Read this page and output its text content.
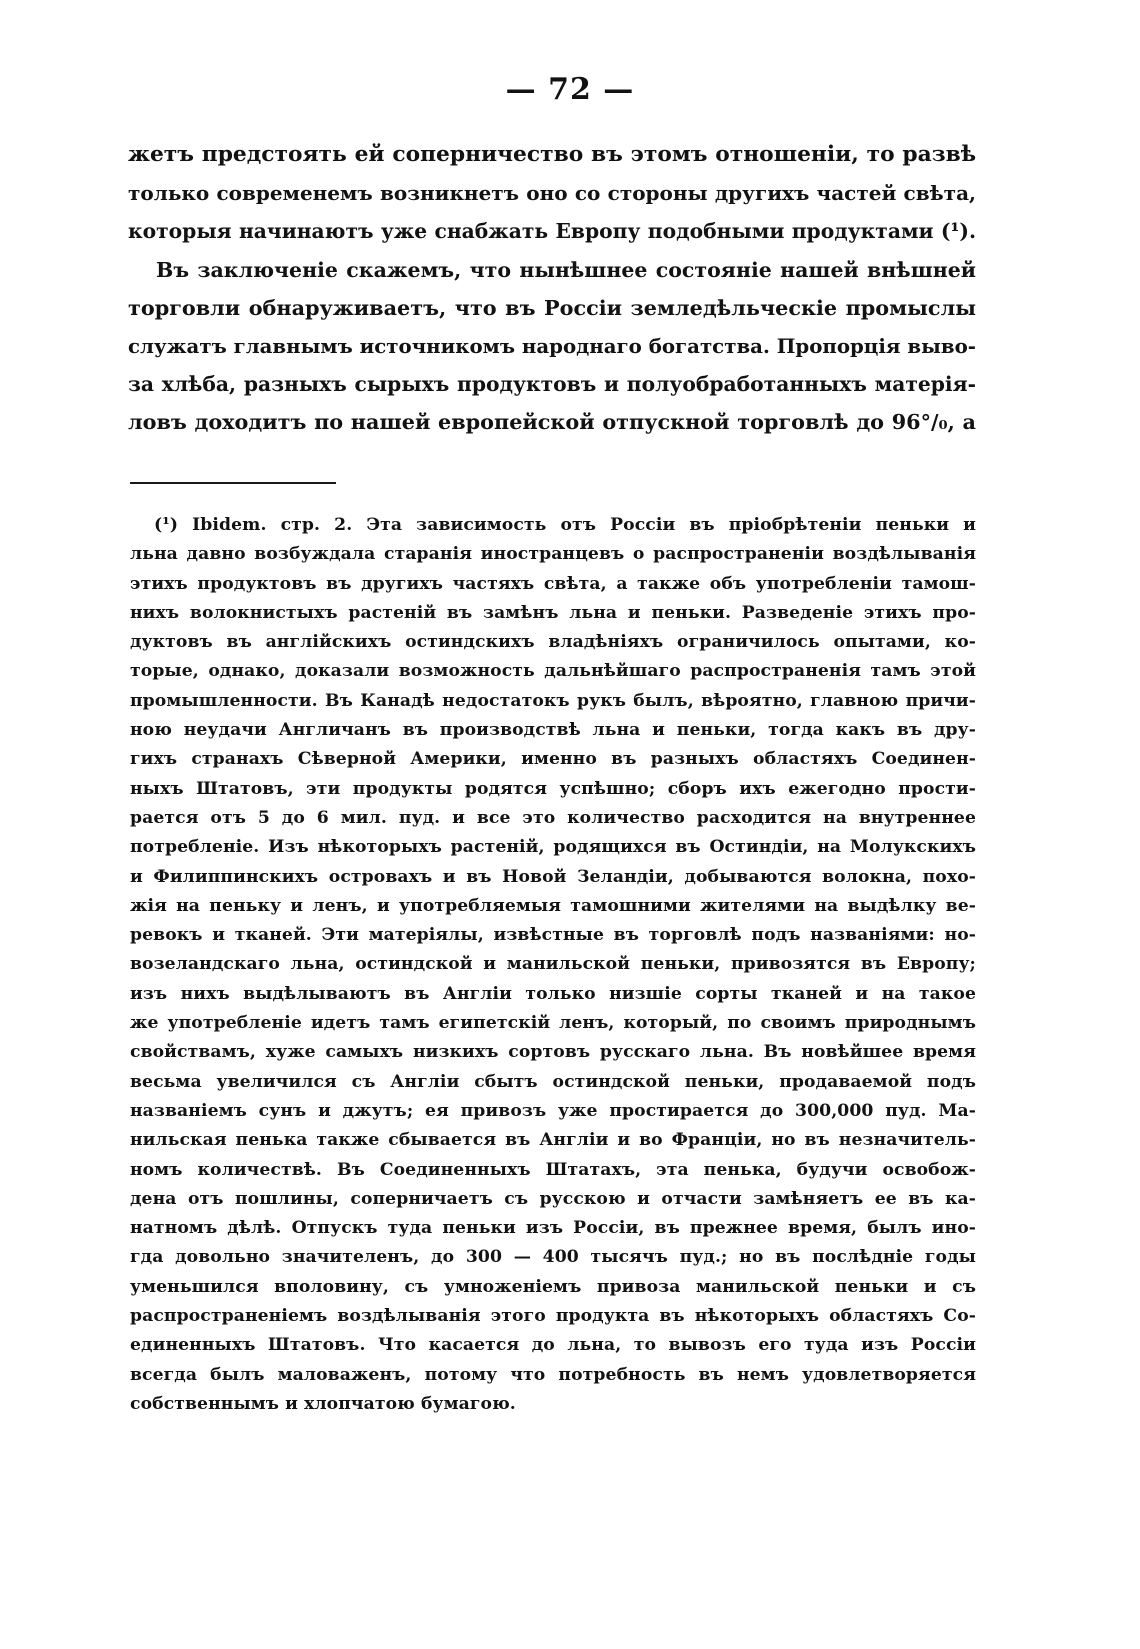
— 72 —
жетъ предстоять ей соперничество въ этомъ отношенiи, то развѣ
только современемъ возникнетъ оно со стороны другихъ частей свѣта,
которыя начинаютъ уже снабжать Европу подобными продуктами (¹).
Въ заключенiе скажемъ, что нынѣшнее состоянiе нашей внѣшней
торговли обнаруживаетъ, что въ Россiи земледѣльческiе промыслы
служатъ главнымъ источникомъ народнаго богатства. Пропорцiя выво-
за хлѣба, разныхъ сырыхъ продуктовъ и полуобработанныхъ матерiя-
ловъ доходитъ по нашей европейской отпускной торговлѣ до 96°/₀, а
(¹) Ibidem. стр. 2. Эта зависимость отъ Россiи въ прiобрѣтенiи пеньки и
льна давно возбуждала старанiя иностранцевъ о распространенiи воздѣлыванiя
этихъ продуктовъ въ другихъ частяхъ свѣта, а также объ употребленiи тамош-
нихъ волокнистыхъ растенiй въ замѣнъ льна и пеньки. Разведенiе этихъ про-
дуктовъ въ англiйскихъ остиндскихъ владѣнiяхъ ограничилось опытами, ко-
торые, однако, доказали возможность дальнѣйшаго распространенiя тамъ этой
промышленности. Въ Канадѣ недостатокъ рукъ былъ, вѣроятно, главною причи-
ною неудачи Англичанъ въ производствѣ льна и пеньки, тогда какъ въ дру-
гихъ странахъ Сѣверной Америки, именно въ разныхъ областяхъ Соединен-
ныхъ Штатовъ, эти продукты родятся успѣшно; сборъ ихъ ежегодно прости-
рается отъ 5 до 6 мил. пуд. и все это количество расходится на внутреннее
потребленiе. Изъ нѣкоторыхъ растенiй, родящихся въ Остиндiи, на Молукскихъ
и Филиппинскихъ островахъ и въ Новой Зеландiи, добываются волокна, похо-
жiя на пеньку и ленъ, и употребляемыя тамошними жителями на выдѣлку ве-
ревокъ и тканей. Эти матерiялы, извѣстные въ торговлѣ подъ названiями: но-
возеландскаго льна, остиндской и манильской пеньки, привозятся въ Европу;
изъ нихъ выдѣлываютъ въ Англiи только низшiе сорты тканей и на такое
же употребленiе идетъ тамъ египетскiй ленъ, который, по своимъ природнымъ
свойствамъ, хуже самыхъ низкихъ сортовъ русскаго льна. Въ новѣйшее время
весьма увеличился съ Англiи сбытъ остиндской пеньки, продаваемой подъ
названiемъ сунъ и джутъ; ея привозъ уже простирается до 300,000 пуд. Ма-
нильская пенька также сбывается въ Англiи и во Францiи, но въ незначитель-
номъ количествѣ. Въ Соединенныхъ Штатахъ, эта пенька, будучи освобож-
дена отъ пошлины, соперничаетъ съ русскою и отчасти замѣняетъ ее въ ка-
натномъ дѣлѣ. Отпускъ туда пеньки изъ Россiи, въ прежнее время, былъ ино-
гда довольно значителенъ, до 300 — 400 тысячъ пуд.; но въ послѣднiе годы
уменьшился вполовину, съ умноженiемъ привоза манильской пеньки и съ
распространенiемъ воздѣлыванiя этого продукта въ нѣкоторыхъ областяхъ Со-
единенныхъ Штатовъ. Что касается до льна, то вывозъ его туда изъ Россiи
всегда былъ маловаженъ, потому что потребность въ немъ удовлетворяется
собственнымъ и хлопчатою бумагою.
